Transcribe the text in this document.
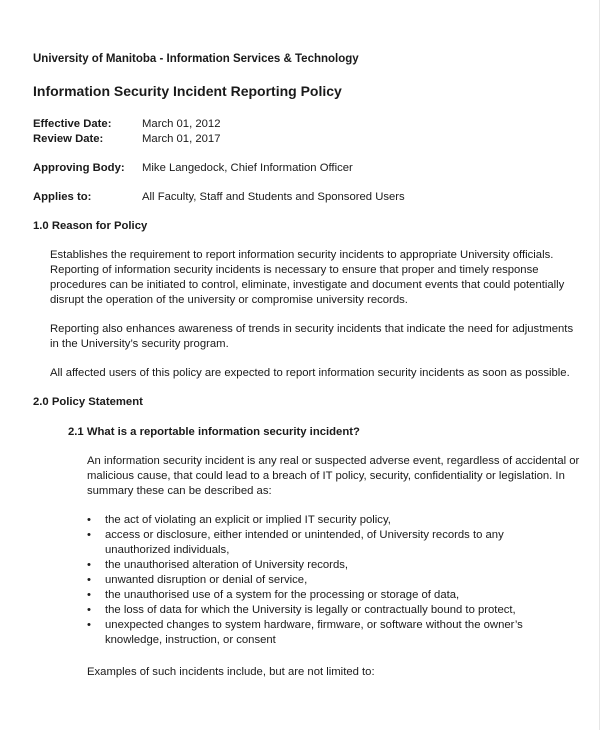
University of Manitoba - Information Services & Technology
Information Security Incident Reporting Policy
Effective Date:	March 01, 2012
Review Date:	March 01, 2017
Approving Body: Mike Langedock, Chief Information Officer
Applies to:	All Faculty, Staff and Students and Sponsored Users
1.0 Reason for Policy
Establishes the requirement to report information security incidents to appropriate University officials.
Reporting of information security incidents is necessary to ensure that proper and timely response
procedures can be initiated to control, eliminate, investigate and document events that could potentially
disrupt the operation of the university or compromise university records.
Reporting also enhances awareness of trends in security incidents that indicate the need for adjustments
in the University’s security program.
All affected users of this policy are expected to report information security incidents as soon as possible.
2.0 Policy Statement
2.1 What is a reportable information security incident?
An information security incident is any real or suspected adverse event, regardless of accidental or
malicious cause, that could lead to a breach of IT policy, security, confidentiality or legislation. In
summary these can be described as:
• the act of violating an explicit or implied IT security policy,
• access or disclosure, either intended or unintended, of University records to any unauthorized individuals,
• the unauthorised alteration of University records,
• unwanted disruption or denial of service,
• the unauthorised use of a system for the processing or storage of data,
• the loss of data for which the University is legally or contractually bound to protect,
• unexpected changes to system hardware, firmware, or software without the owner’s knowledge, instruction, or consent
Examples of such incidents include, but are not limited to:
